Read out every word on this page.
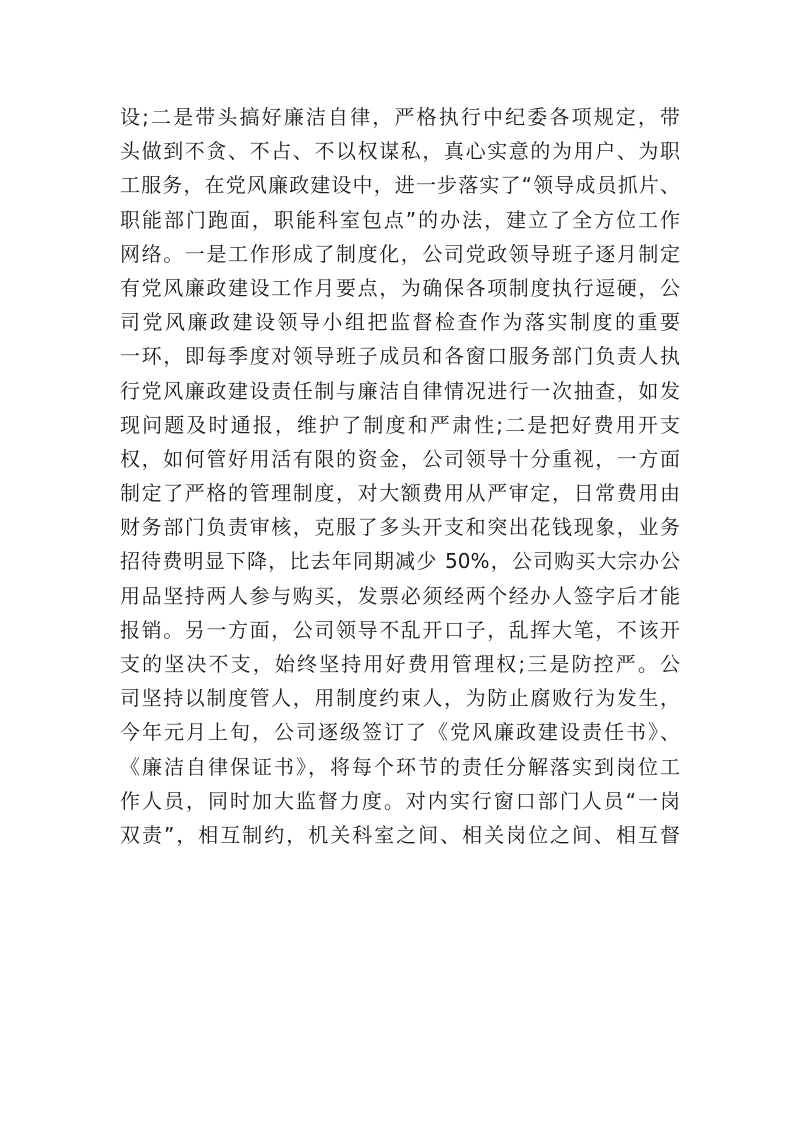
设;二是带头搞好廉洁自律，严格执行中纪委各项规定，带
头做到不贪、不占、不以权谋私，真心实意的为用户、为职
工服务，在党风廉政建设中，进一步落实了“领导成员抓片、
职能部门跑面，职能科室包点”的办法，建立了全方位工作
网络。一是工作形成了制度化，公司党政领导班子逐月制定
有党风廉政建设工作月要点，为确保各项制度执行逗硬，公
司党风廉政建设领导小组把监督检查作为落实制度的重要
一环，即每季度对领导班子成员和各窗口服务部门负责人执
行党风廉政建设责任制与廉洁自律情况进行一次抽查，如发
现问题及时通报，维护了制度和严肃性;二是把好费用开支
权，如何管好用活有限的资金，公司领导十分重视，一方面
制定了严格的管理制度，对大额费用从严审定，日常费用由
财务部门负责审核，克服了多头开支和突出花钱现象，业务
招待费明显下降，比去年同期减少 50%，公司购买大宗办公
用品坚持两人参与购买，发票必须经两个经办人签字后才能
报销。另一方面，公司领导不乱开口子，乱挥大笔，不该开
支的坚决不支，始终坚持用好费用管理权;三是防控严。公
司坚持以制度管人，用制度约束人，为防止腐败行为发生，
今年元月上旬，公司逐级签订了《党风廉政建设责任书》、
《廉洁自律保证书》，将每个环节的责任分解落实到岗位工
作人员，同时加大监督力度。对内实行窗口部门人员“一岗
双责”，相互制约，机关科室之间、相关岗位之间、相互督
